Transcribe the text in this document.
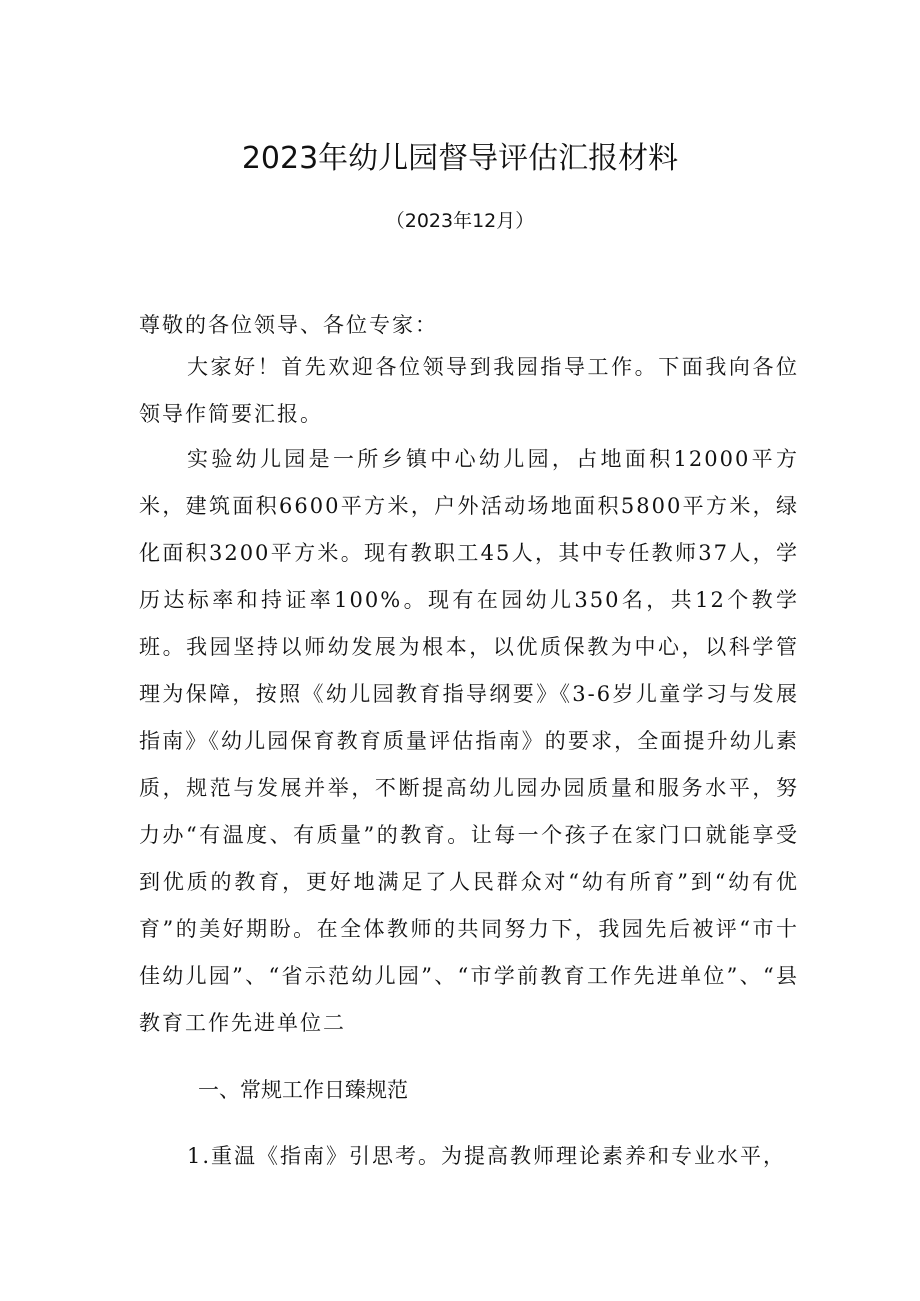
2023年幼儿园督导评估汇报材料
（2023年12月）

尊敬的各位领导、各位专家：

大家好！首先欢迎各位领导到我园指导工作。下面我向各位领导作简要汇报。

实验幼儿园是一所乡镇中心幼儿园，占地面积12000平方米，建筑面积6600平方米，户外活动场地面积5800平方米，绿化面积3200平方米。现有教职工45人，其中专任教师37人，学历达标率和持证率100%。现有在园幼儿350名，共12个教学班。我园坚持以师幼发展为根本，以优质保教为中心，以科学管理为保障，按照《幼儿园教育指导纲要》《3-6岁儿童学习与发展指南》《幼儿园保育教育质量评估指南》的要求，全面提升幼儿素质，规范与发展并举，不断提高幼儿园办园质量和服务水平，努力办“有温度、有质量”的教育。让每一个孩子在家门口就能享受到优质的教育，更好地满足了人民群众对“幼有所育”到“幼有优育”的美好期盼。在全体教师的共同努力下，我园先后被评“市十佳幼儿园”、“省示范幼儿园”、“市学前教育工作先进单位”、“县教育工作先进单位二

一、常规工作日臻规范

1.重温《指南》引思考。为提高教师理论素养和专业水平，
